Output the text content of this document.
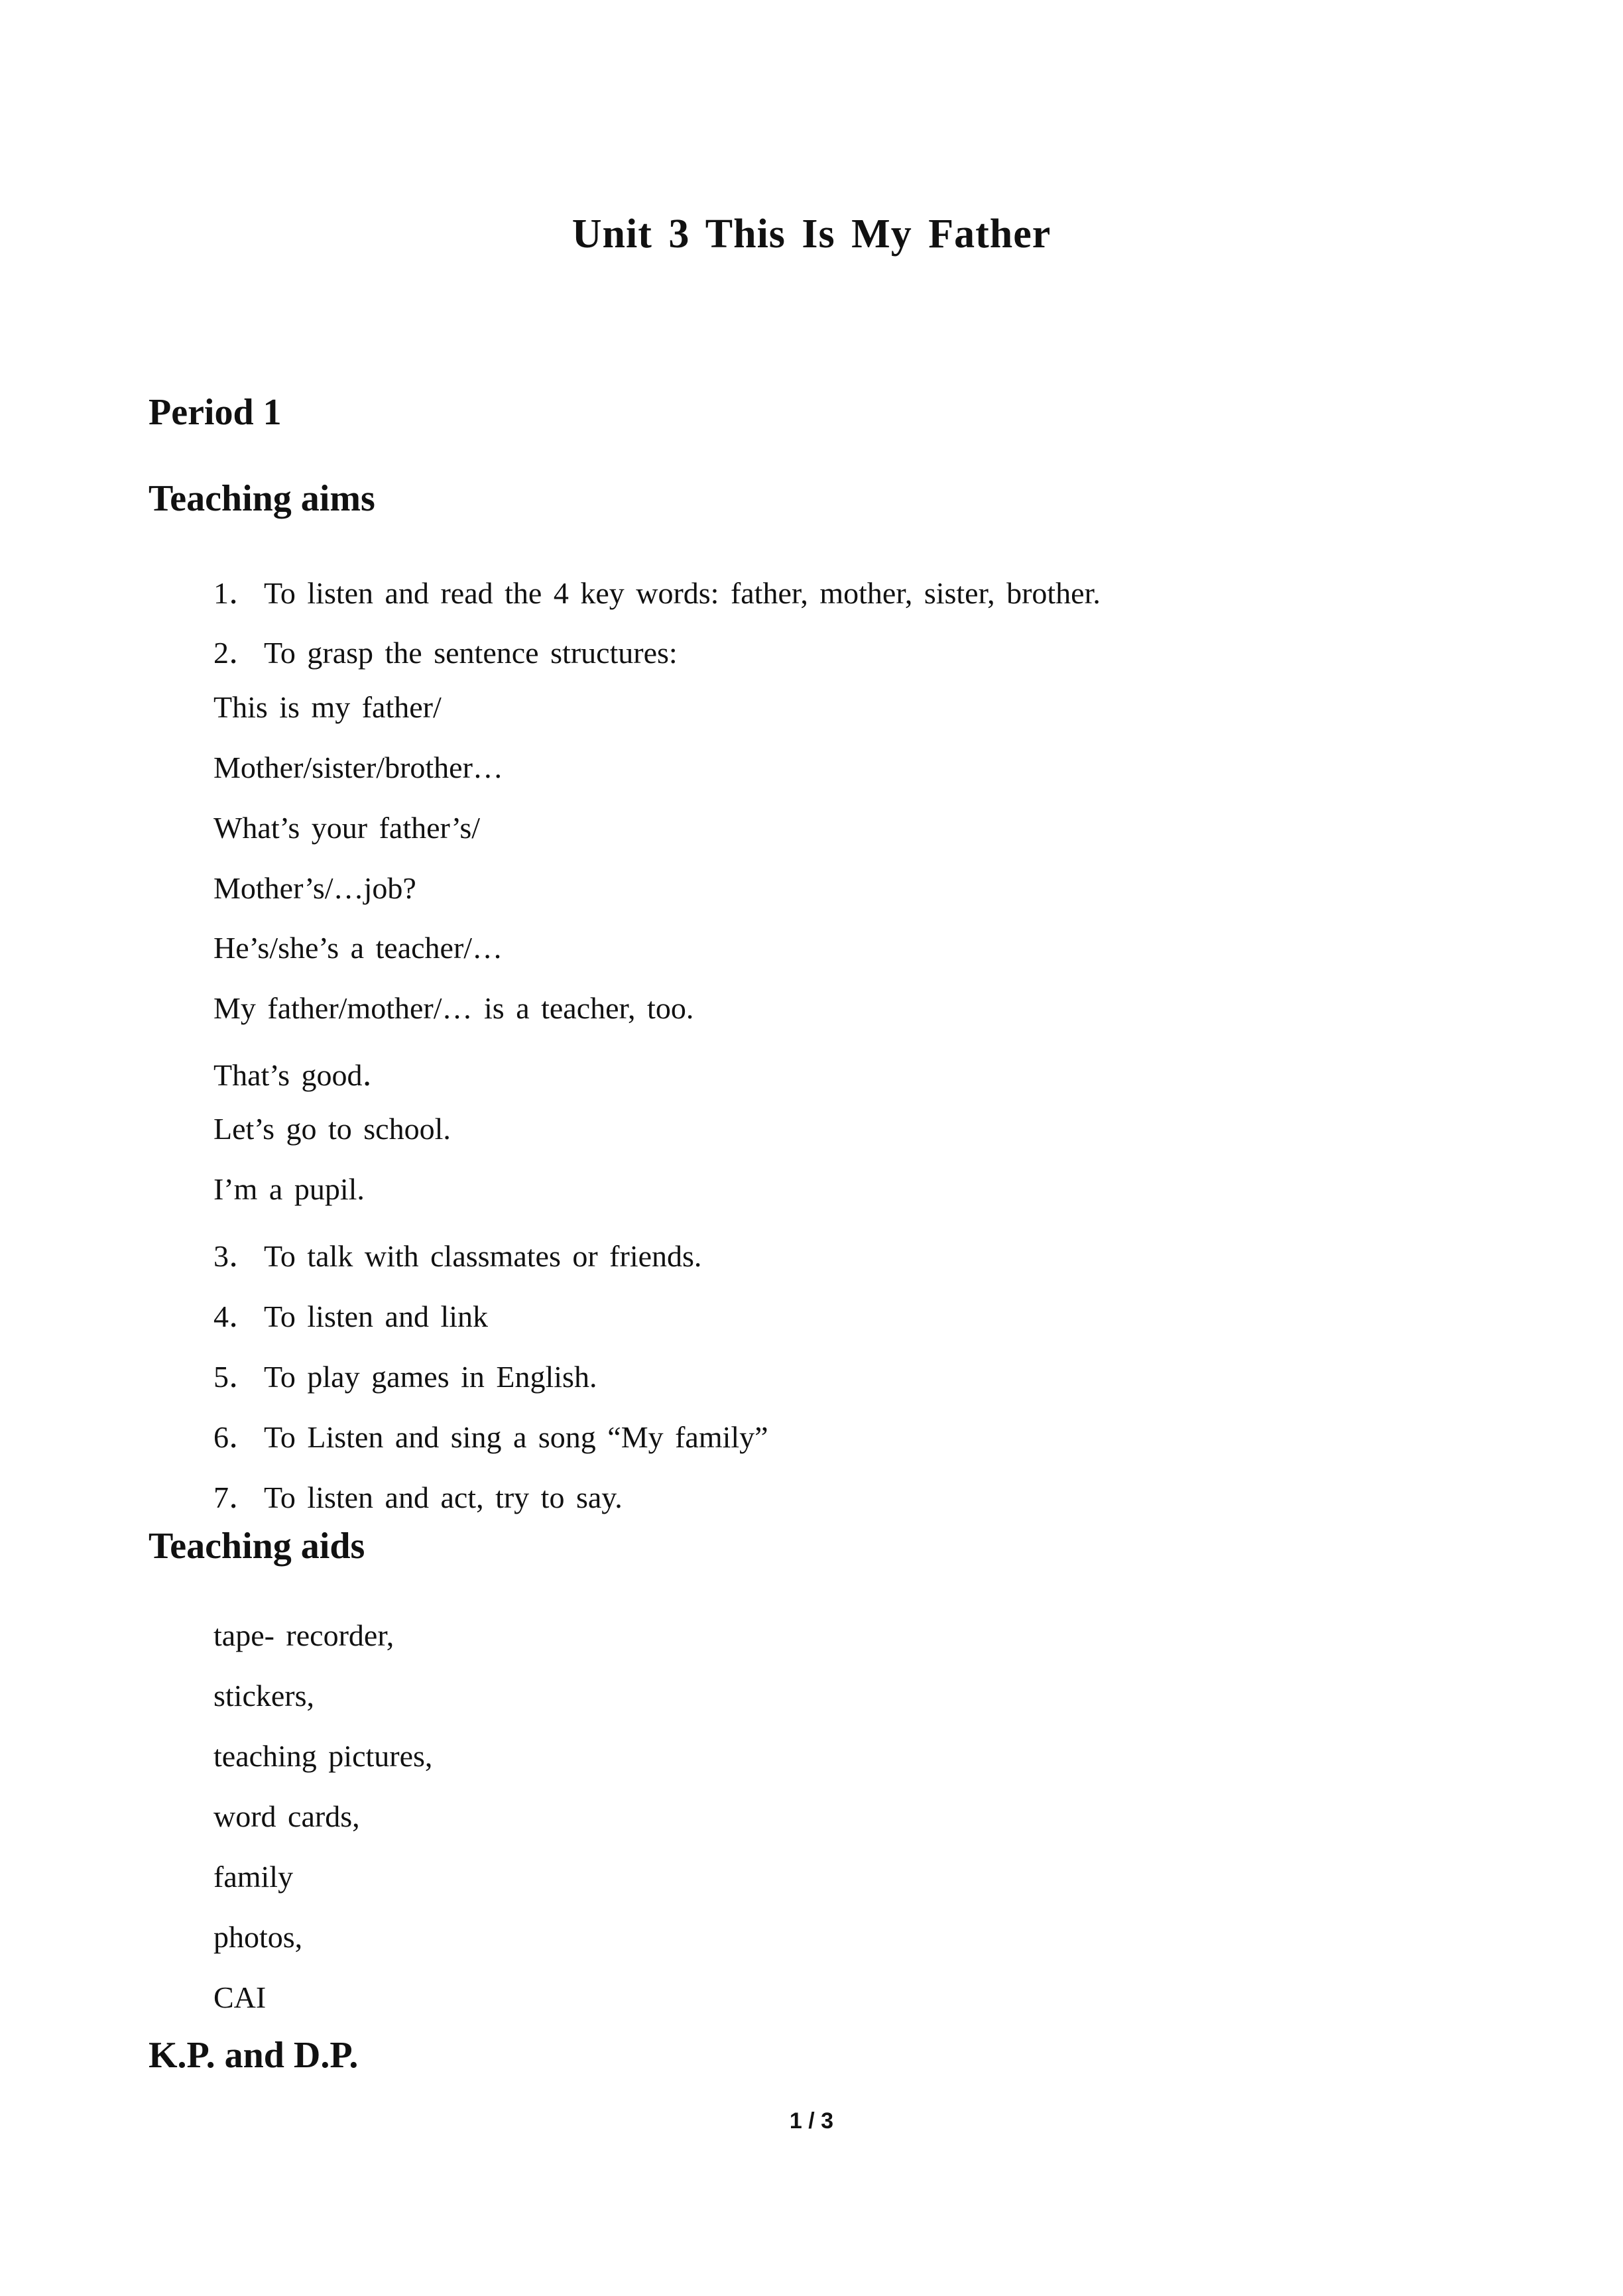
Unit 3 This Is My Father
Period 1
Teaching aims
1． To listen and read the 4 key words: father, mother, sister, brother.
2． To grasp the sentence structures:
This is my father/
Mother/sister/brother…
What’s your father’s/
Mother’s/…job?
He’s/she’s a teacher/…
My father/mother/… is a teacher, too.
That’s good．
Let’s go to school.
I’m a pupil.
3． To talk with classmates or friends.
4． To listen and link
5． To play games in English.
6． To Listen and sing a song “My family”
7． To listen and act, try to say.
Teaching aids
tape- recorder,
stickers,
teaching pictures,
word cards,
family
photos,
CAI
K.P. and D.P.
1 / 3
